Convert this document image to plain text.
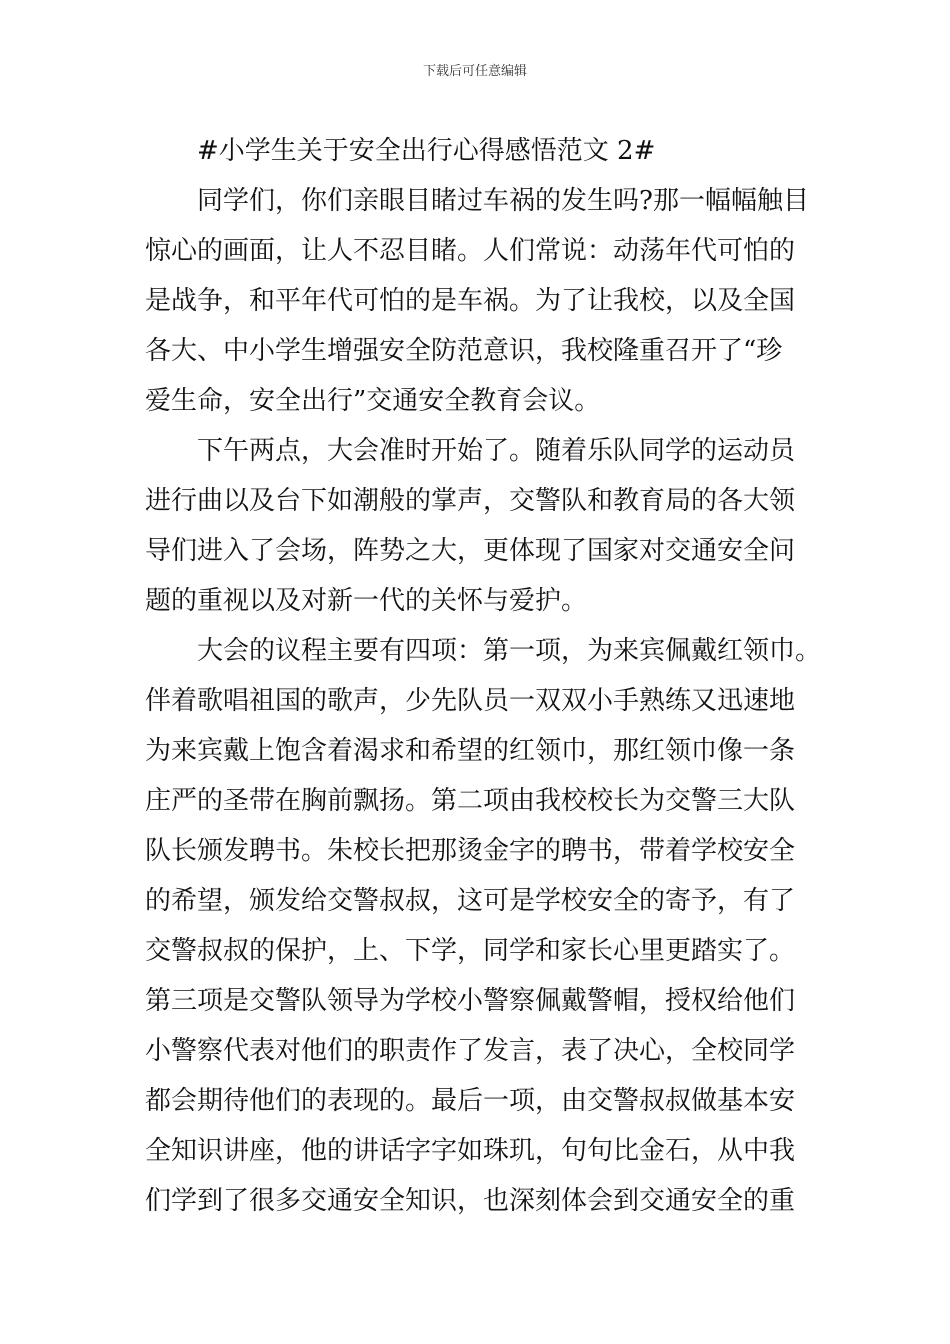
下载后可任意编辑
#小学生关于安全出行心得感悟范文 2#
同学们，你们亲眼目睹过车祸的发生吗?那一幅幅触目
惊心的画面，让人不忍目睹。人们常说：动荡年代可怕的
是战争，和平年代可怕的是车祸。为了让我校，以及全国
各大、中小学生增强安全防范意识，我校隆重召开了“珍
爱生命，安全出行”交通安全教育会议。
下午两点，大会准时开始了。随着乐队同学的运动员
进行曲以及台下如潮般的掌声，交警队和教育局的各大领
导们进入了会场，阵势之大，更体现了国家对交通安全问
题的重视以及对新一代的关怀与爱护。
大会的议程主要有四项：第一项，为来宾佩戴红领巾。
伴着歌唱祖国的歌声，少先队员一双双小手熟练又迅速地
为来宾戴上饱含着渴求和希望的红领巾，那红领巾像一条
庄严的圣带在胸前飘扬。第二项由我校校长为交警三大队
队长颁发聘书。朱校长把那烫金字的聘书，带着学校安全
的希望，颁发给交警叔叔，这可是学校安全的寄予，有了
交警叔叔的保护，上、下学，同学和家长心里更踏实了。
第三项是交警队领导为学校小警察佩戴警帽，授权给他们
小警察代表对他们的职责作了发言，表了决心，全校同学
都会期待他们的表现的。最后一项，由交警叔叔做基本安
全知识讲座，他的讲话字字如珠玑，句句比金石，从中我
们学到了很多交通安全知识，也深刻体会到交通安全的重
